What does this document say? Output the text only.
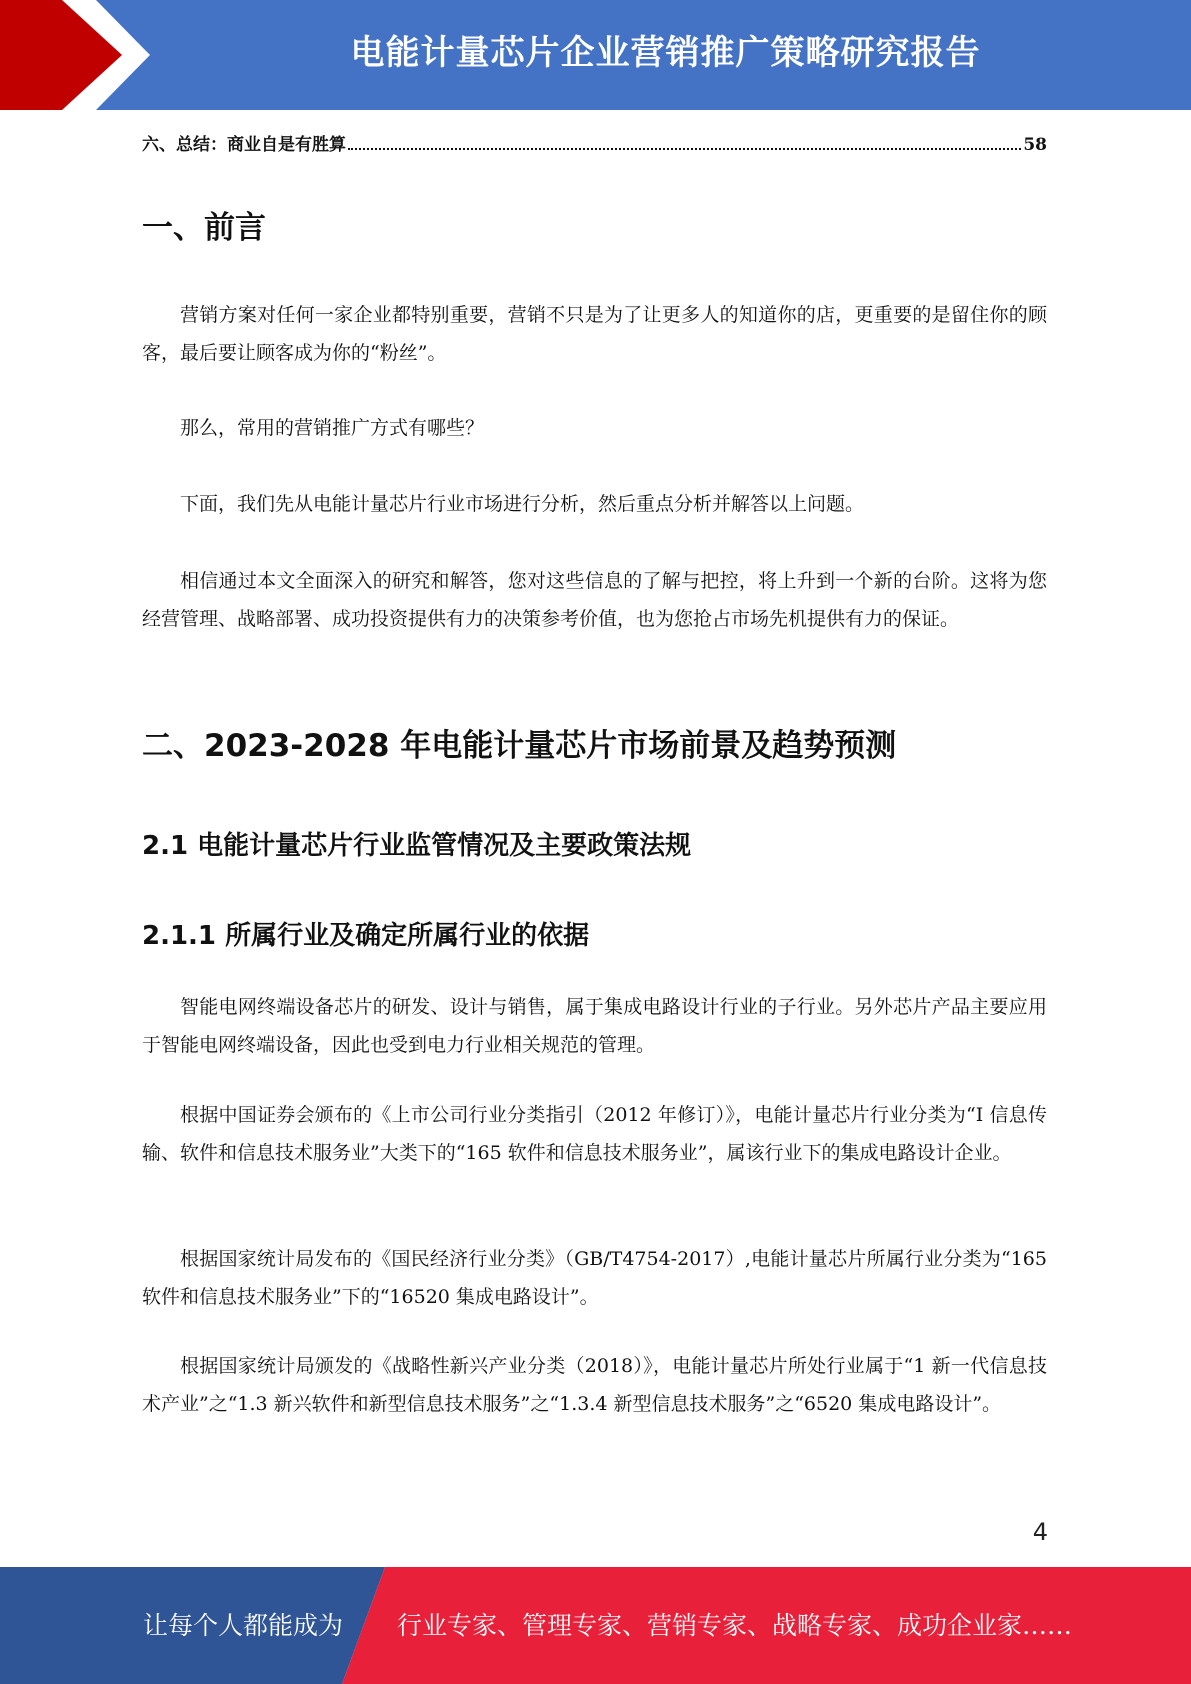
电能计量芯片企业营销推广策略研究报告
六、总结：商业自是有胜算	58
一、前言

营销方案对任何一家企业都特别重要，营销不只是为了让更多人的知道你的店，更重要的是留住你的顾客，最后要让顾客成为你的“粉丝”。

那么，常用的营销推广方式有哪些？

下面，我们先从电能计量芯片行业市场进行分析，然后重点分析并解答以上问题。

相信通过本文全面深入的研究和解答，您对这些信息的了解与把控，将上升到一个新的台阶。这将为您经营管理、战略部署、成功投资提供有力的决策参考价值，也为您抢占市场先机提供有力的保证。

二、2023-2028 年电能计量芯片市场前景及趋势预测
2.1 电能计量芯片行业监管情况及主要政策法规
2.1.1 所属行业及确定所属行业的依据

智能电网终端设备芯片的研发、设计与销售，属于集成电路设计行业的子行业。另外芯片产品主要应用于智能电网终端设备，因此也受到电力行业相关规范的管理。

根据中国证券会颁布的《上市公司行业分类指引（2012 年修订）》，电能计量芯片行业分类为“I 信息传输、软件和信息技术服务业”大类下的“165 软件和信息技术服务业”，属该行业下的集成电路设计企业。

根据国家统计局发布的《国民经济行业分类》（GB/T4754-2017）,电能计量芯片所属行业分类为“165 软件和信息技术服务业”下的“16520 集成电路设计”。

根据国家统计局颁发的《战略性新兴产业分类（2018）》，电能计量芯片所处行业属于“1 新一代信息技术产业”之“1.3 新兴软件和新型信息技术服务”之“1.3.4 新型信息技术服务”之“6520 集成电路设计”。

4
让每个人都能成为 行业专家、管理专家、营销专家、战略专家、成功企业家……
